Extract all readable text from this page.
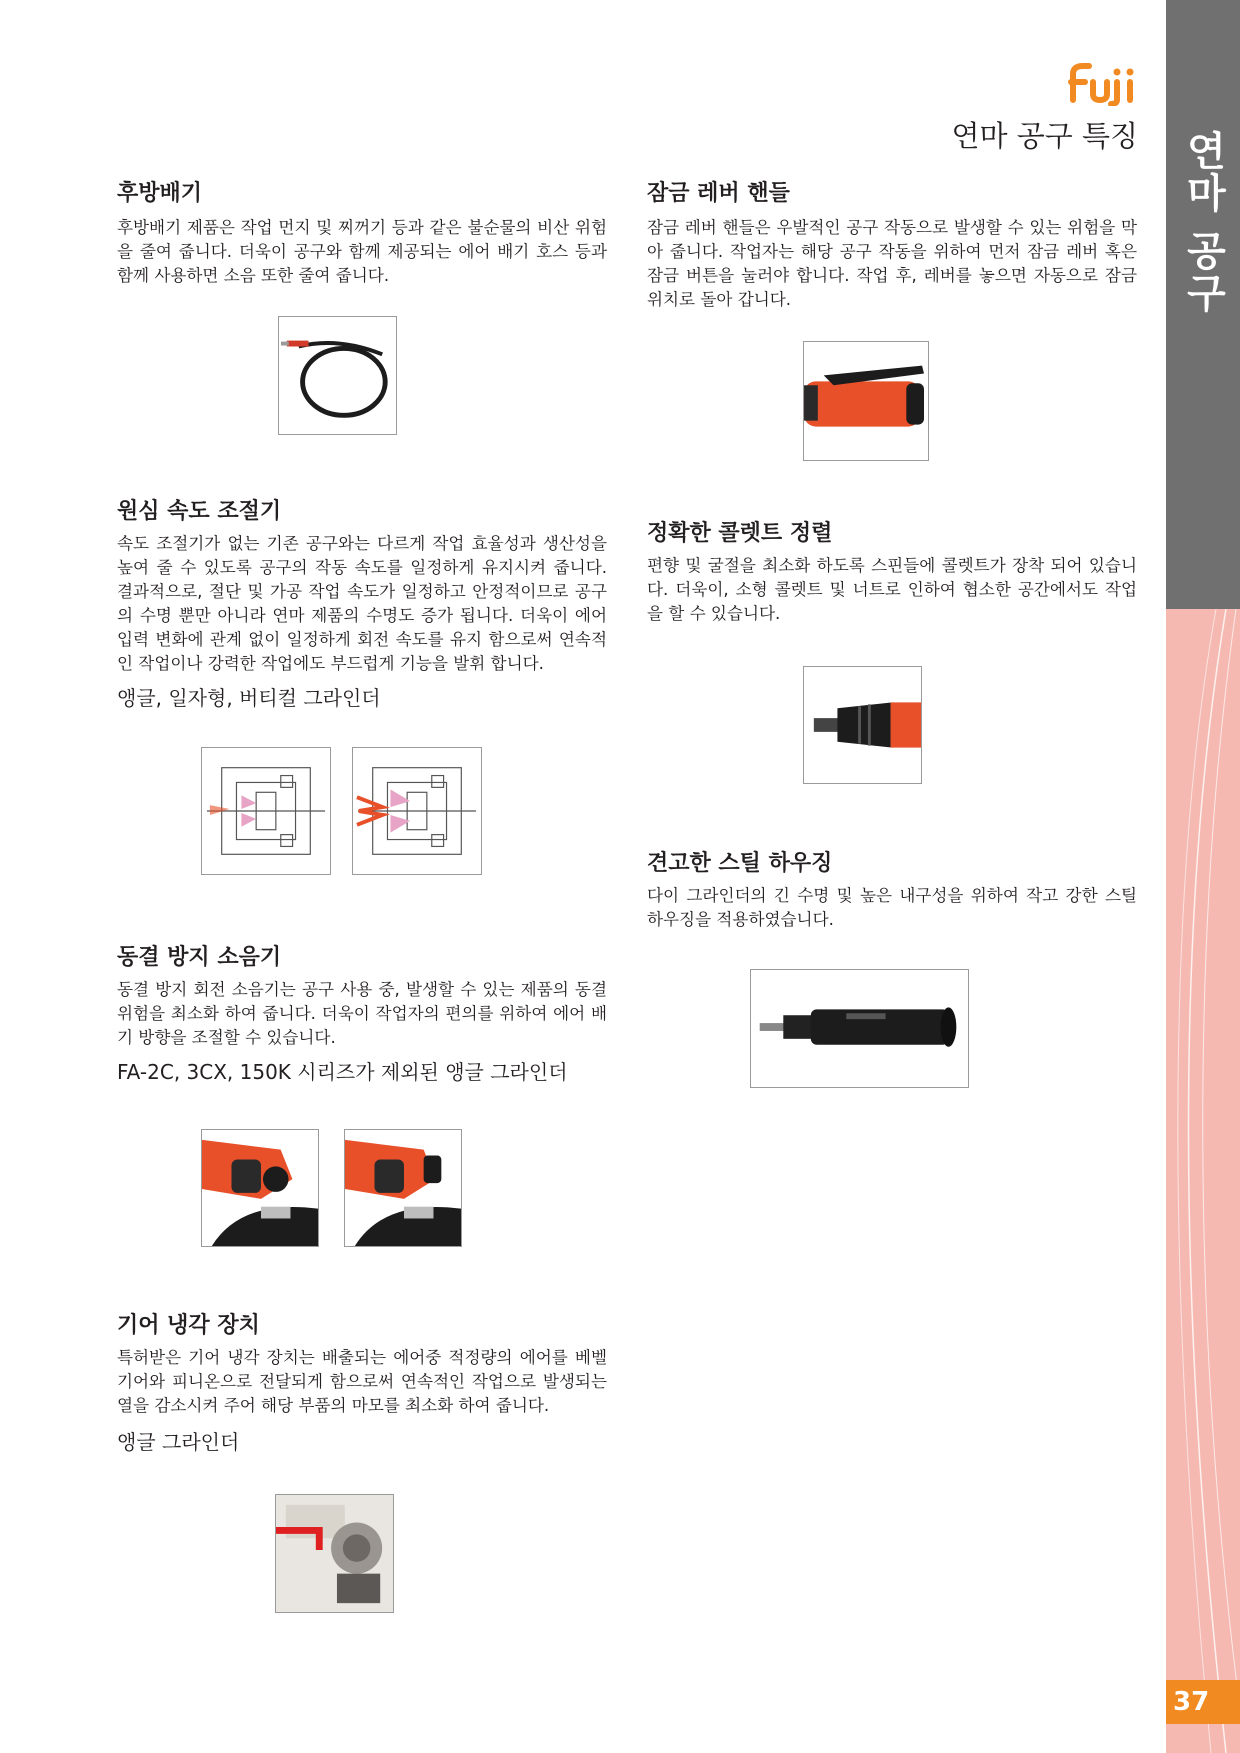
연마 공구
37
연마 공구 특징
후방배기

후방배기 제품은 작업 먼지 및 찌꺼기 등과 같은 불순물의 비산 위험을 줄여 줍니다. 더욱이 공구와 함께 제공되는 에어 배기 호스 등과 함께 사용하면 소음 또한 줄여 줍니다.

원심 속도 조절기

속도 조절기가 없는 기존 공구와는 다르게 작업 효율성과 생산성을 높여 줄 수 있도록 공구의 작동 속도를 일정하게 유지시켜 줍니다. 결과적으로, 절단 및 가공 작업 속도가 일정하고 안정적이므로 공구의 수명 뿐만 아니라 연마 제품의 수명도 증가 됩니다. 더욱이 에어 입력 변화에 관계 없이 일정하게 회전 속도를 유지 함으로써 연속적인 작업이나 강력한 작업에도 부드럽게 기능을 발휘 합니다.

앵글, 일자형, 버티컬 그라인더

동결 방지 소음기

동결 방지 회전 소음기는 공구 사용 중, 발생할 수 있는 제품의 동결 위험을 최소화 하여 줍니다. 더욱이 작업자의 편의를 위하여 에어 배기 방향을 조절할 수 있습니다.

FA-2C, 3CX, 150K 시리즈가 제외된 앵글 그라인더

기어 냉각 장치

특허받은 기어 냉각 장치는 배출되는 에어중 적정량의 에어를 베벨 기어와 피니온으로 전달되게 함으로써 연속적인 작업으로 발생되는 열을 감소시켜 주어 해당 부품의 마모를 최소화 하여 줍니다.

앵글 그라인더

잠금 레버 핸들

잠금 레버 핸들은 우발적인 공구 작동으로 발생할 수 있는 위험을 막아 줍니다. 작업자는 해당 공구 작동을 위하여 먼저 잠금 레버 혹은 잠금 버튼을 눌러야 합니다. 작업 후, 레버를 놓으면 자동으로 잠금 위치로 돌아 갑니다.

정확한 콜렛트 정렬

편향 및 굴절을 최소화 하도록 스핀들에 콜렛트가 장착 되어 있습니다. 더욱이, 소형 콜렛트 및 너트로 인하여 협소한 공간에서도 작업을 할 수 있습니다.

견고한 스틸 하우징

다이 그라인더의 긴 수명 및 높은 내구성을 위하여 작고 강한 스틸 하우징을 적용하였습니다.
